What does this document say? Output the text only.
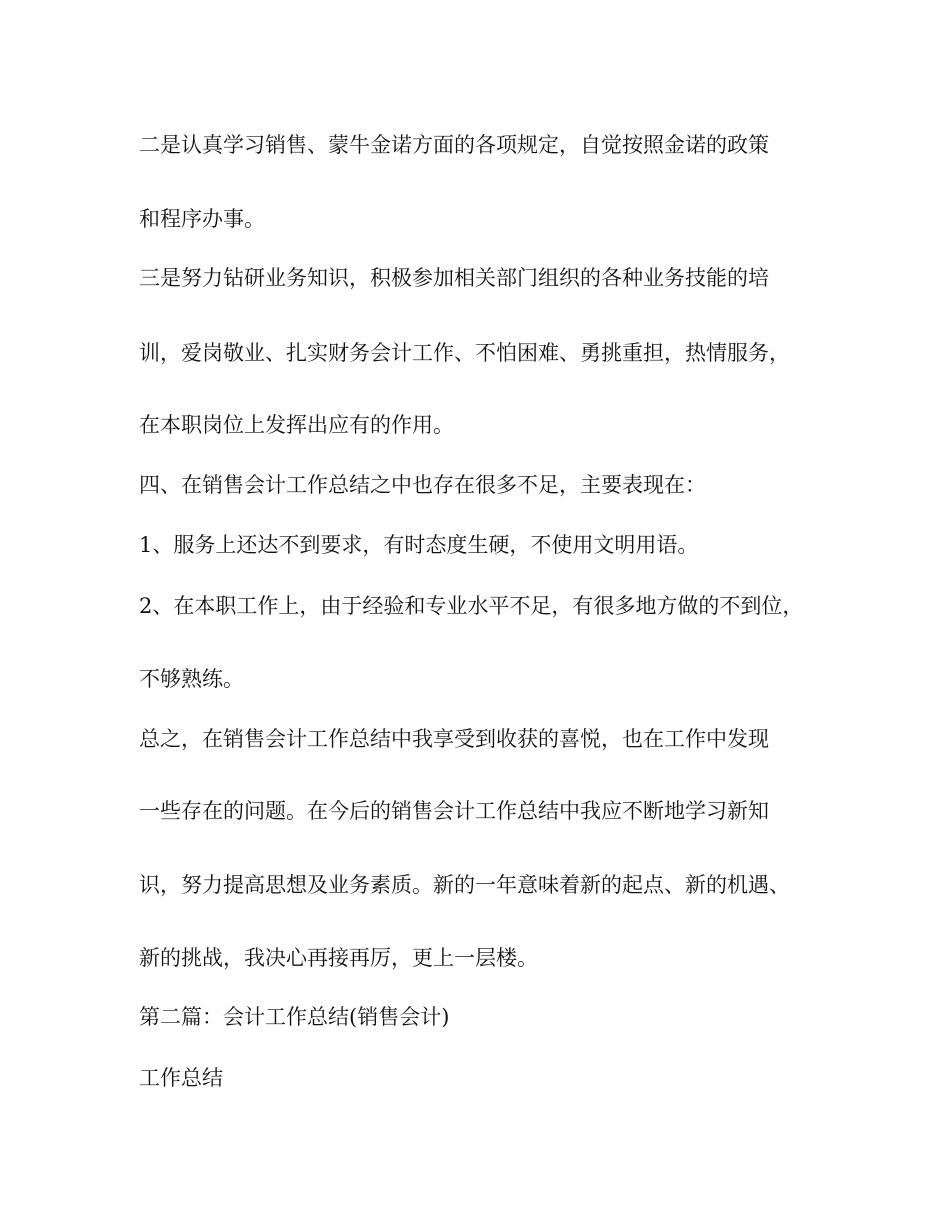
二是认真学习销售、蒙牛金诺方面的各项规定，自觉按照金诺的政策

和程序办事。

三是努力钻研业务知识，积极参加相关部门组织的各种业务技能的培

训，爱岗敬业、扎实财务会计工作、不怕困难、勇挑重担，热情服务，

在本职岗位上发挥出应有的作用。

四、在销售会计工作总结之中也存在很多不足，主要表现在：

1、服务上还达不到要求，有时态度生硬，不使用文明用语。

2、在本职工作上，由于经验和专业水平不足，有很多地方做的不到位，

不够熟练。

总之，在销售会计工作总结中我享受到收获的喜悦，也在工作中发现

一些存在的问题。在今后的销售会计工作总结中我应不断地学习新知

识，努力提高思想及业务素质。新的一年意味着新的起点、新的机遇、

新的挑战，我决心再接再厉，更上一层楼。

第二篇：会计工作总结(销售会计)

工作总结
